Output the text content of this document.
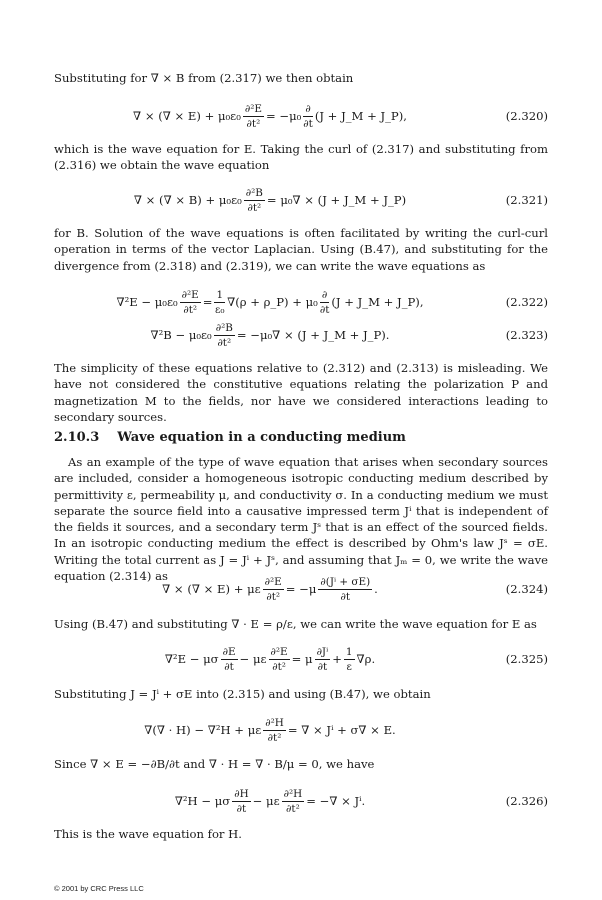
Substituting for ∇ × B from (2.317) we then obtain

∇ × (∇ × $E) + \mu_0\varepsilon_0 \frac{\text{∂²E}}{\text{∂t²}} = -\mu_0 \frac{\partial}{\partial t} (J$ + J_M + J_P),	(2.320)

which is the wave equation for E. Taking the curl of (2.317) and substituting from (2.316) we obtain the wave equation

∇ × (∇ × $B) + \mu_0\varepsilon_0 \frac{\text{∂²B}}{\text{∂t²}} = \mu_0\nabla \times (J$ + J_M + J_P)	(2.321)

for B. Solution of the wave equations is often facilitated by writing the curl-curl operation in terms of the vector Laplacian. Using (B.47), and substituting for the divergence from (2.318) and (2.319), we can write the wave equations as

$\nabla^2E - \mu_0\varepsilon_0 \frac{\text{∂²E}}{\text{∂t²}} = \frac{1}{\text{ε₀}} \nabla(\rho$ + ρ_P) + $\mu_0 \frac{\partial}{\partial t} (J$ + J_M + J_P),	(2.322)
$\nabla^2B - \mu_0\varepsilon_0 \frac{\text{∂²B}}{\text{∂t²}} = -\mu_0\nabla \times (J$ + J_M + J_P).	(2.323)

The simplicity of these equations relative to (2.312) and (2.313) is misleading. We have not considered the constitutive equations relating the polarization P and magnetization M to the fields, nor have we considered interactions leading to secondary sources.

2.10.3 Wave equation in a conducting medium

As an example of the type of wave equation that arises when secondary sources are included, consider a homogeneous isotropic conducting medium described by permittivity ε, permeability μ, and conductivity σ. In a conducting medium we must separate the source field into a causative impressed term Jⁱ that is independent of the fields it sources, and a secondary term Jˢ that is an effect of the sourced fields. In an isotropic conducting medium the effect is described by Ohm's law Jˢ = σE. Writing the total current as J = Jⁱ + Jˢ, and assuming that Jₘ = 0, we write the wave equation (2.314) as

∇ × (∇ × E) + με $\frac{\text{∂²E}}{\text{∂t²}} = -\mu \frac{\text{∂(Jⁱ + σE)}}{\partial t}$ .	(2.324)

Using (B.47) and substituting ∇ · E = ρ/ε, we can write the wave equation for E as

∇²E − μσ $\frac{\partial E}{\partial t} - \mu\varepsilon \frac{\text{∂²E}}{\text{∂t²}} = \mu \frac{\text{∂Jⁱ}}{\partial t} + \frac{1}{\varepsilon} \nabla\rho$.	(2.325)

Substituting J = Jⁱ + σE into (2.315) and using (B.47), we obtain

∇(∇ · H) − ∇²H + με $\frac{\text{∂²H}}{\text{∂t²}}$ = ∇ × Jⁱ + σ∇ × E.

Since ∇ × E = −∂B/∂t and ∇ · H = ∇ · B/μ = 0, we have

∇²H − μσ $\frac{\partial H}{\partial t} - \mu\varepsilon \frac{\text{∂²H}}{\text{∂t²}}$ = −∇ × Jⁱ.	(2.326)

This is the wave equation for H.

© 2001 by CRC Press LLC
